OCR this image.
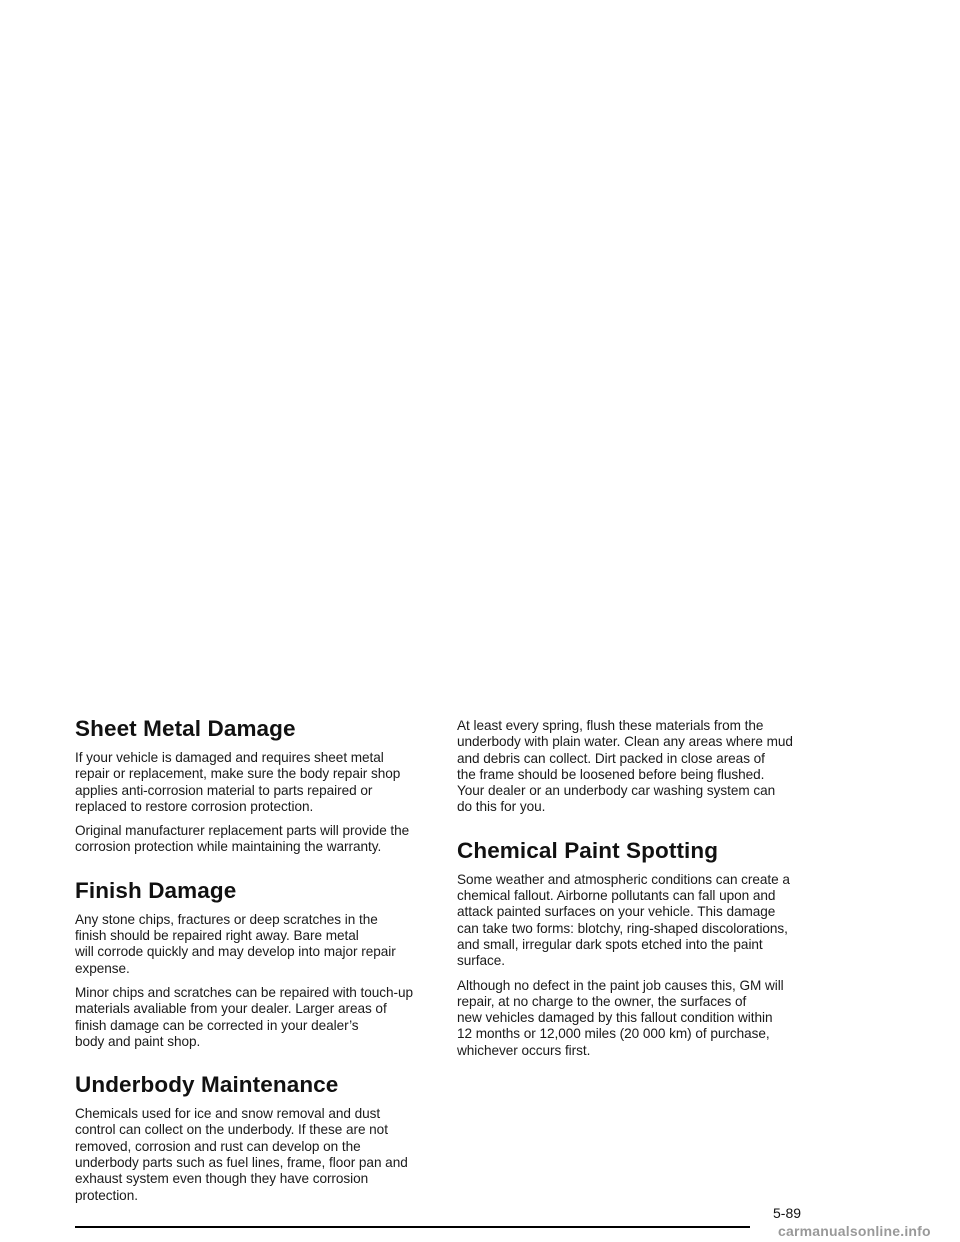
Sheet Metal Damage

If your vehicle is damaged and requires sheet metal
repair or replacement, make sure the body repair shop
applies anti-corrosion material to parts repaired or
replaced to restore corrosion protection.

Original manufacturer replacement parts will provide the
corrosion protection while maintaining the warranty.

Finish Damage

Any stone chips, fractures or deep scratches in the
finish should be repaired right away. Bare metal
will corrode quickly and may develop into major repair
expense.

Minor chips and scratches can be repaired with touch-up
materials avaliable from your dealer. Larger areas of
finish damage can be corrected in your dealer’s
body and paint shop.

Underbody Maintenance

Chemicals used for ice and snow removal and dust
control can collect on the underbody. If these are not
removed, corrosion and rust can develop on the
underbody parts such as fuel lines, frame, floor pan and
exhaust system even though they have corrosion
protection.

At least every spring, flush these materials from the
underbody with plain water. Clean any areas where mud
and debris can collect. Dirt packed in close areas of
the frame should be loosened before being flushed.
Your dealer or an underbody car washing system can
do this for you.

Chemical Paint Spotting

Some weather and atmospheric conditions can create a
chemical fallout. Airborne pollutants can fall upon and
attack painted surfaces on your vehicle. This damage
can take two forms: blotchy, ring-shaped discolorations,
and small, irregular dark spots etched into the paint
surface.

Although no defect in the paint job causes this, GM will
repair, at no charge to the owner, the surfaces of
new vehicles damaged by this fallout condition within
12 months or 12,000 miles (20 000 km) of purchase,
whichever occurs first.

5-89
carmanualsonline.info
